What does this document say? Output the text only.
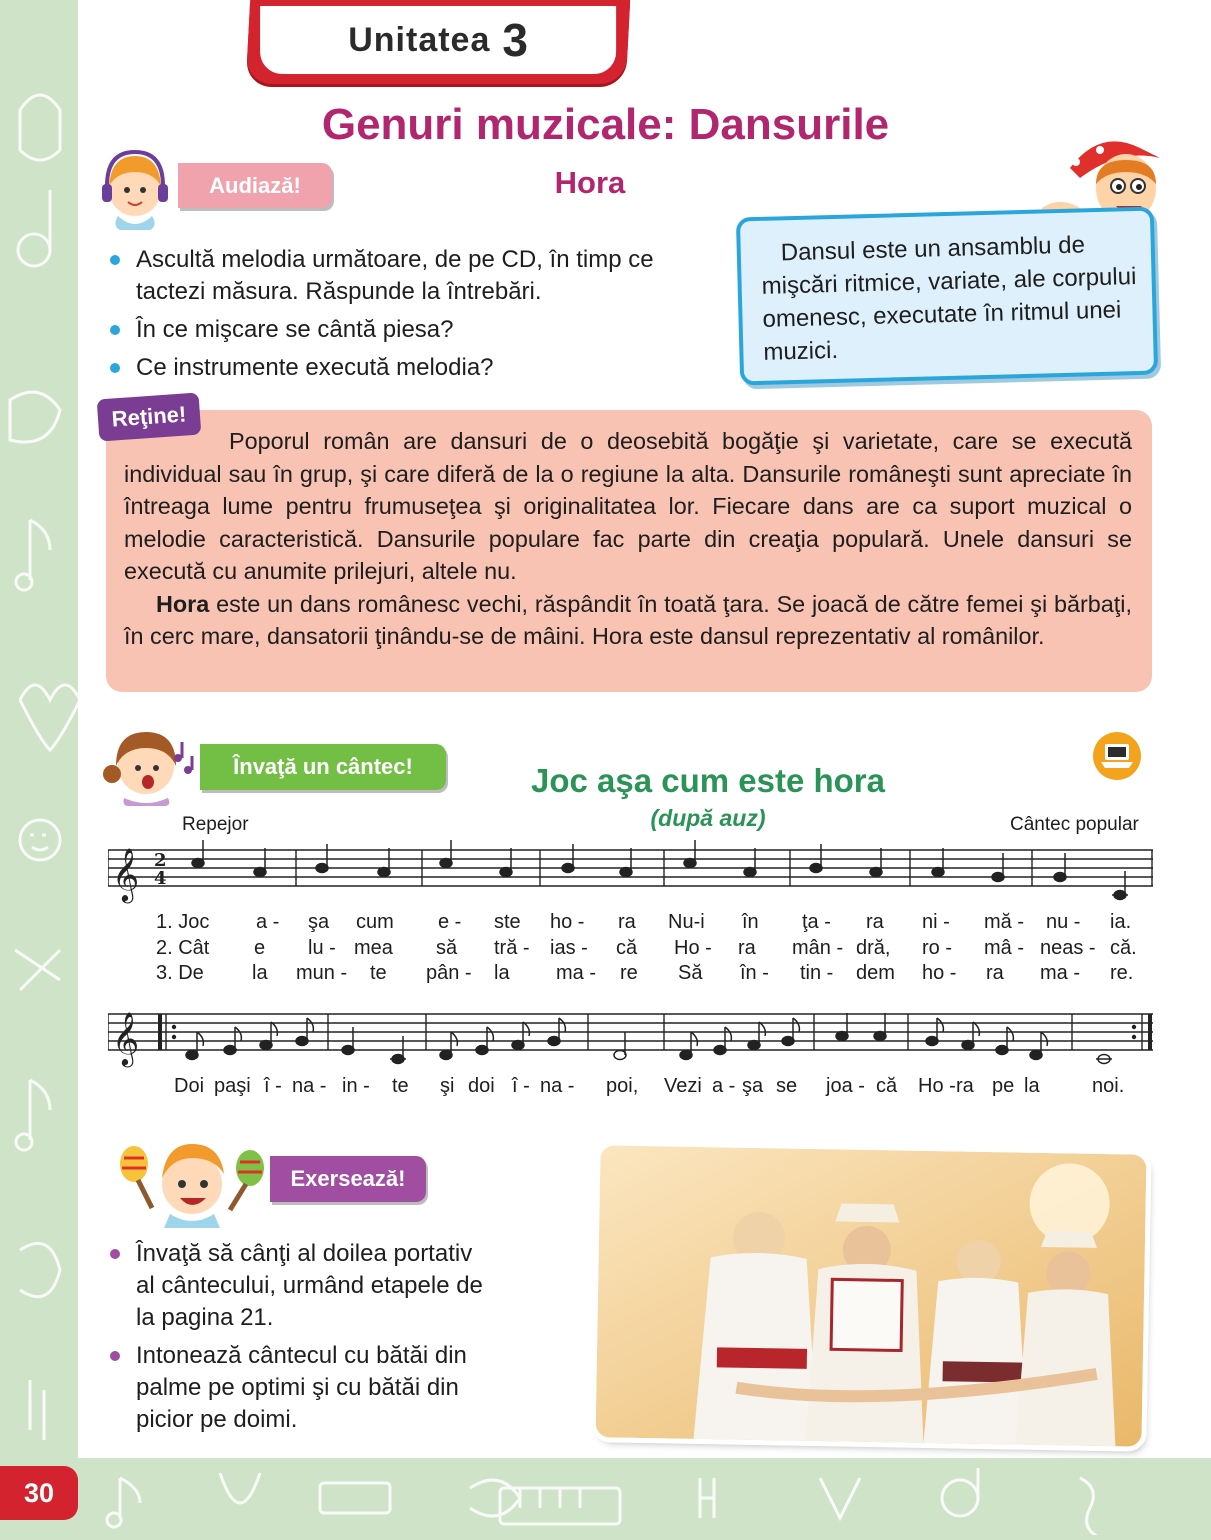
Unitatea 3
Genuri muzicale: Dansurile
Hora
Audiază!
Ascultă melodia următoare, de pe CD, în timp ce tactezi măsura. Răspunde la întrebări.
În ce mişcare se cântă piesa?
Ce instrumente execută melodia?

Dansul este un ansamblu de mişcări ritmice, variate, ale corpului omenesc, executate în ritmul unei muzici.

Reţine!

Poporul român are dansuri de o deosebită bogăţie şi varietate, care se execută individual sau în grup, şi care diferă de la o regiune la alta. Dansurile româneşti sunt apreciate în întreaga lume pentru frumuseţea şi originalitatea lor. Fiecare dans are ca suport muzical o melodie caracteristică. Dansurile populare fac parte din creaţia populară. Unele dansuri se execută cu anumite prilejuri, altele nu.

Hora este un dans românesc vechi, răspândit în toată ţara. Se joacă de către femei şi bărbaţi, în cerc mare, dansatorii ţinându-se de mâini. Hora este dansul reprezentativ al românilor.

Învaţă un cântec!	Joc aşa cum este hora
(după auz)
Repejor	Cântec popular
𝄞 2
4
1. Joc a - şa cum e - ste ho - ra Nu-i în ţa - ra ni - mă - nu - ia.
2. Cât e lu - mea să tră - ias - că Ho - ra mân - dră, ro - mâ - neas - că.
3. De la mun - te pân - la ma - re Să în - tin - dem ho - ra ma - re.
𝄞
Doi paşi î - na - in - te şi doi î - na - poi, Vezi a - şa se joa - că Ho - ra pe la	noi.
Exersează!
Învaţă să cânţi al doilea portativ al cântecului, urmând etapele de la pagina 21.
Intonează cântecul cu bătăi din palme pe optimi şi cu bătăi din picior pe doimi.
30
